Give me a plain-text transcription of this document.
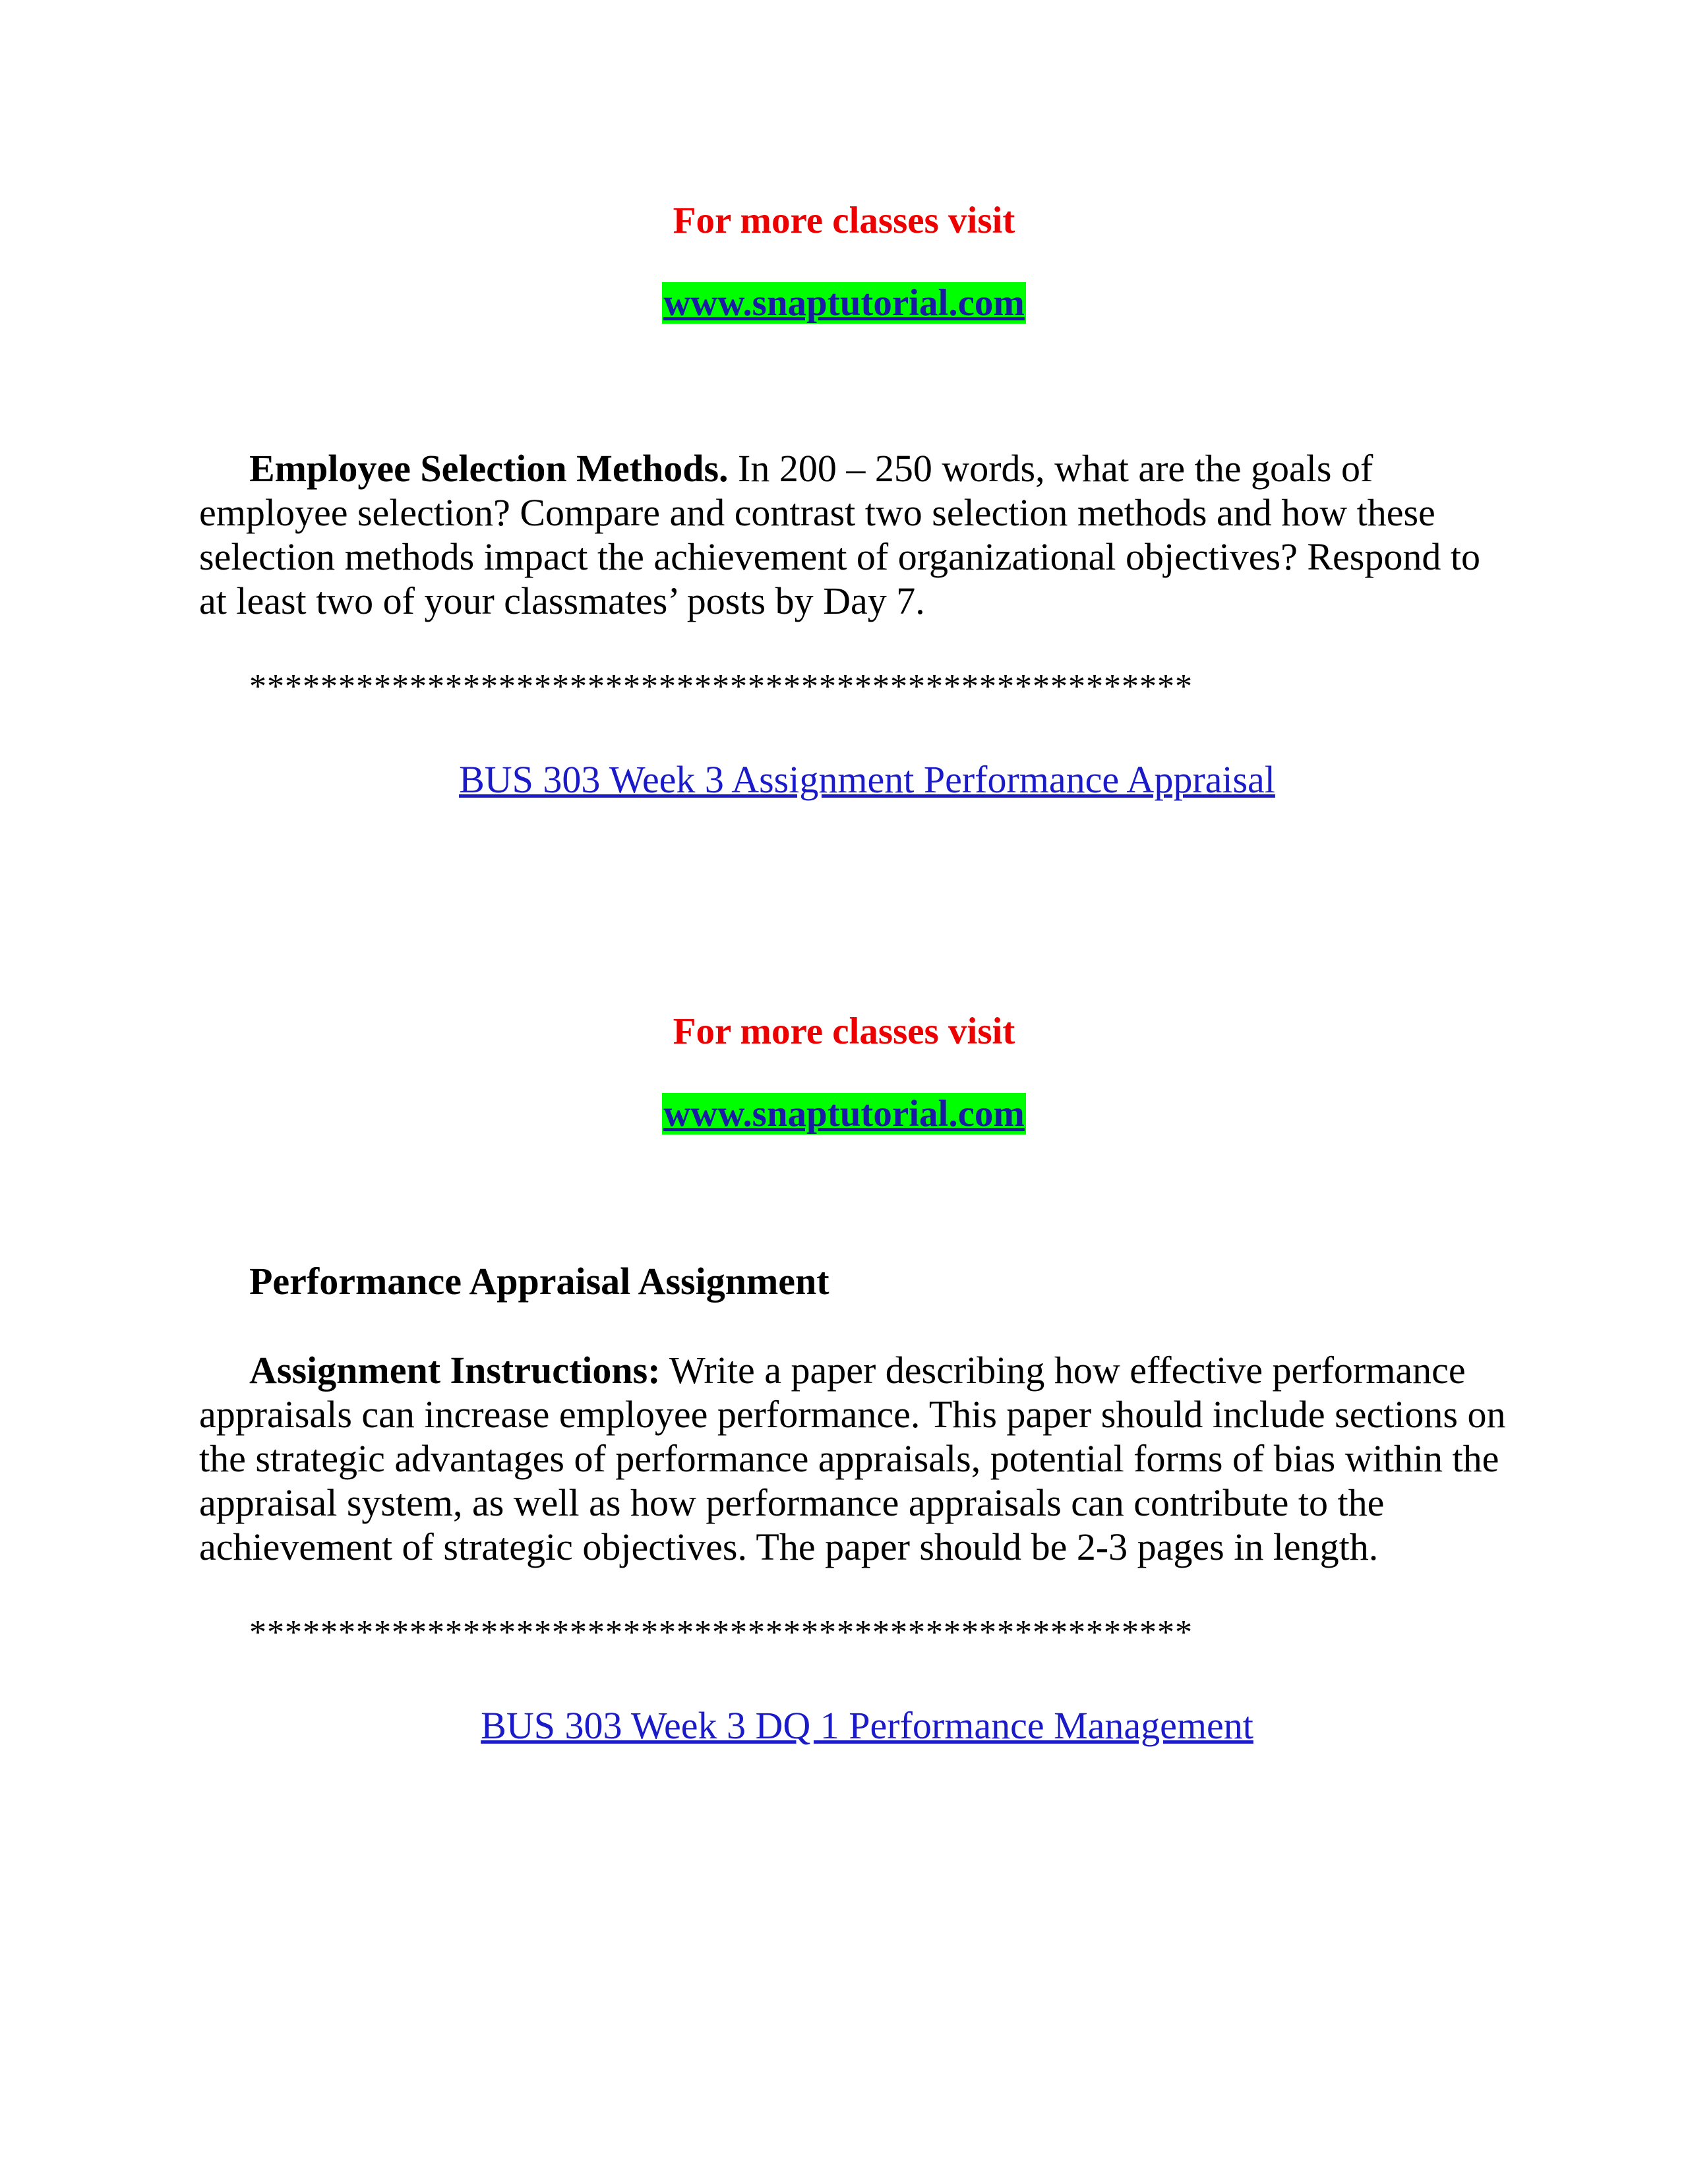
For more classes visit
www.snaptutorial.com
Employee Selection Methods. In 200 – 250 words, what are the goals of employee selection? Compare and contrast two selection methods and how these selection methods impact the achievement of organizational objectives? Respond to at least two of your classmates’ posts by Day 7.
*****************************************************
BUS 303 Week 3 Assignment Performance Appraisal
For more classes visit
www.snaptutorial.com
Performance Appraisal Assignment
Assignment Instructions: Write a paper describing how effective performance appraisals can increase employee performance. This paper should include sections on the strategic advantages of performance appraisals, potential forms of bias within the appraisal system, as well as how performance appraisals can contribute to the achievement of strategic objectives. The paper should be 2-3 pages in length.
*****************************************************
BUS 303 Week 3 DQ 1 Performance Management
